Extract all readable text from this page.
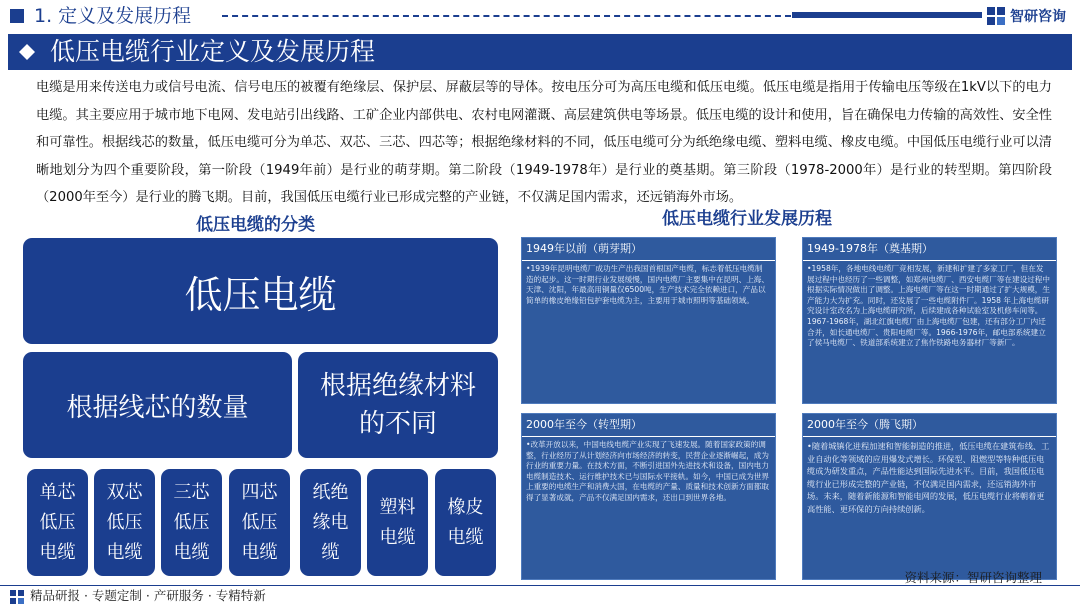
1. 定义及发展历程	智研咨询
低压电缆行业定义及发展历程
电缆是用来传送电力或信号电流、信号电压的被覆有绝缘层、保护层、屏蔽层等的导体。按电压分可为高压电缆和低压电缆。低压电缆是指用于传输电压等级在1kV以下的电力电缆。其主要应用于城市地下电网、发电站引出线路、工矿企业内部供电、农村电网灌溉、高层建筑供电等场景。低压电缆的设计和使用，旨在确保电力传输的高效性、安全性和可靠性。根据线芯的数量，低压电缆可分为单芯、双芯、三芯、四芯等；根据绝缘材料的不同，低压电缆可分为纸绝缘电缆、塑料电缆、橡皮电缆。中国低压电缆行业可以清晰地划分为四个重要阶段，第一阶段（1949年前）是行业的萌芽期。第二阶段（1949-1978年）是行业的奠基期。第三阶段（1978-2000年）是行业的转型期。第四阶段（2000年至今）是行业的腾飞期。目前，我国低压电缆行业已形成完整的产业链，不仅满足国内需求，还远销海外市场。
低压电缆的分类	低压电缆行业发展历程
低压电缆
根据线芯的数量
根据绝缘材料的不同
单芯低压电缆
双芯低压电缆
三芯低压电缆
四芯低压电缆
纸绝缘电缆
塑料电缆
橡皮电缆
1949年以前（萌芽期）
•1939年昆明电缆厂成功生产出我国首根国产电缆，标志着低压电缆制造的起步。这一时期行业发展缓慢，国内电缆厂主要集中在昆明、上海、天津、沈阳，年最高用铜量仅6500吨，生产技术完全依赖进口，产品以简单的橡皮绝缘铅包护套电缆为主，主要用于城市照明等基础领域。
1949-1978年（奠基期）
•1958年，各地电线电缆厂竞相发展，新建和扩建了多家工厂，但在发展过程中也经历了一些调整，如郑州电缆厂、西安电缆厂等在建设过程中根据实际情况做出了调整。上海电缆厂等在这一时期通过了扩大规模，生产能力大为扩充。同时，还发展了一些电缆附件厂。1958 年上海电缆研究设计室改名为上海电缆研究所，后续建成各种试验室及机修车间等。1967-1968年，湖北红旗电缆厂由上海电缆厂包建，还有部分工厂内迁合并，如长通电缆厂、贵阳电缆厂等。1966-1976年，邮电部系统建立了侯马电缆厂、铁道部系统建立了焦作铁路电务器材厂等新厂。
2000年至今（转型期）
•改革开放以来，中国电线电缆产业实现了飞速发展。随着国家政策的调整，行业经历了从计划经济向市场经济的转变，民营企业逐渐崛起，成为行业的重要力量。在技术方面，不断引进国外先进技术和设备，国内电力电缆制造技术、运行维护技术已与国际水平接轨。如今，中国已成为世界上重要的电缆生产和消费大国，在电缆的产量、质量和技术创新方面都取得了显著成就，产品不仅满足国内需求，还出口到世界各地。
2000年至今（腾飞期）
•随着城镇化进程加速和智能制造的推进，低压电缆在建筑布线、工业自动化等领域的应用爆发式增长。环保型、阻燃型等特种低压电缆成为研发重点，产品性能达到国际先进水平。目前，我国低压电缆行业已形成完整的产业链，不仅满足国内需求，还远销海外市场。未来，随着新能源和智能电网的发展，低压电缆行业将朝着更高性能、更环保的方向持续创新。
资料来源：智研咨询整理
精品研报 · 专题定制 · 产研服务 · 专精特新
